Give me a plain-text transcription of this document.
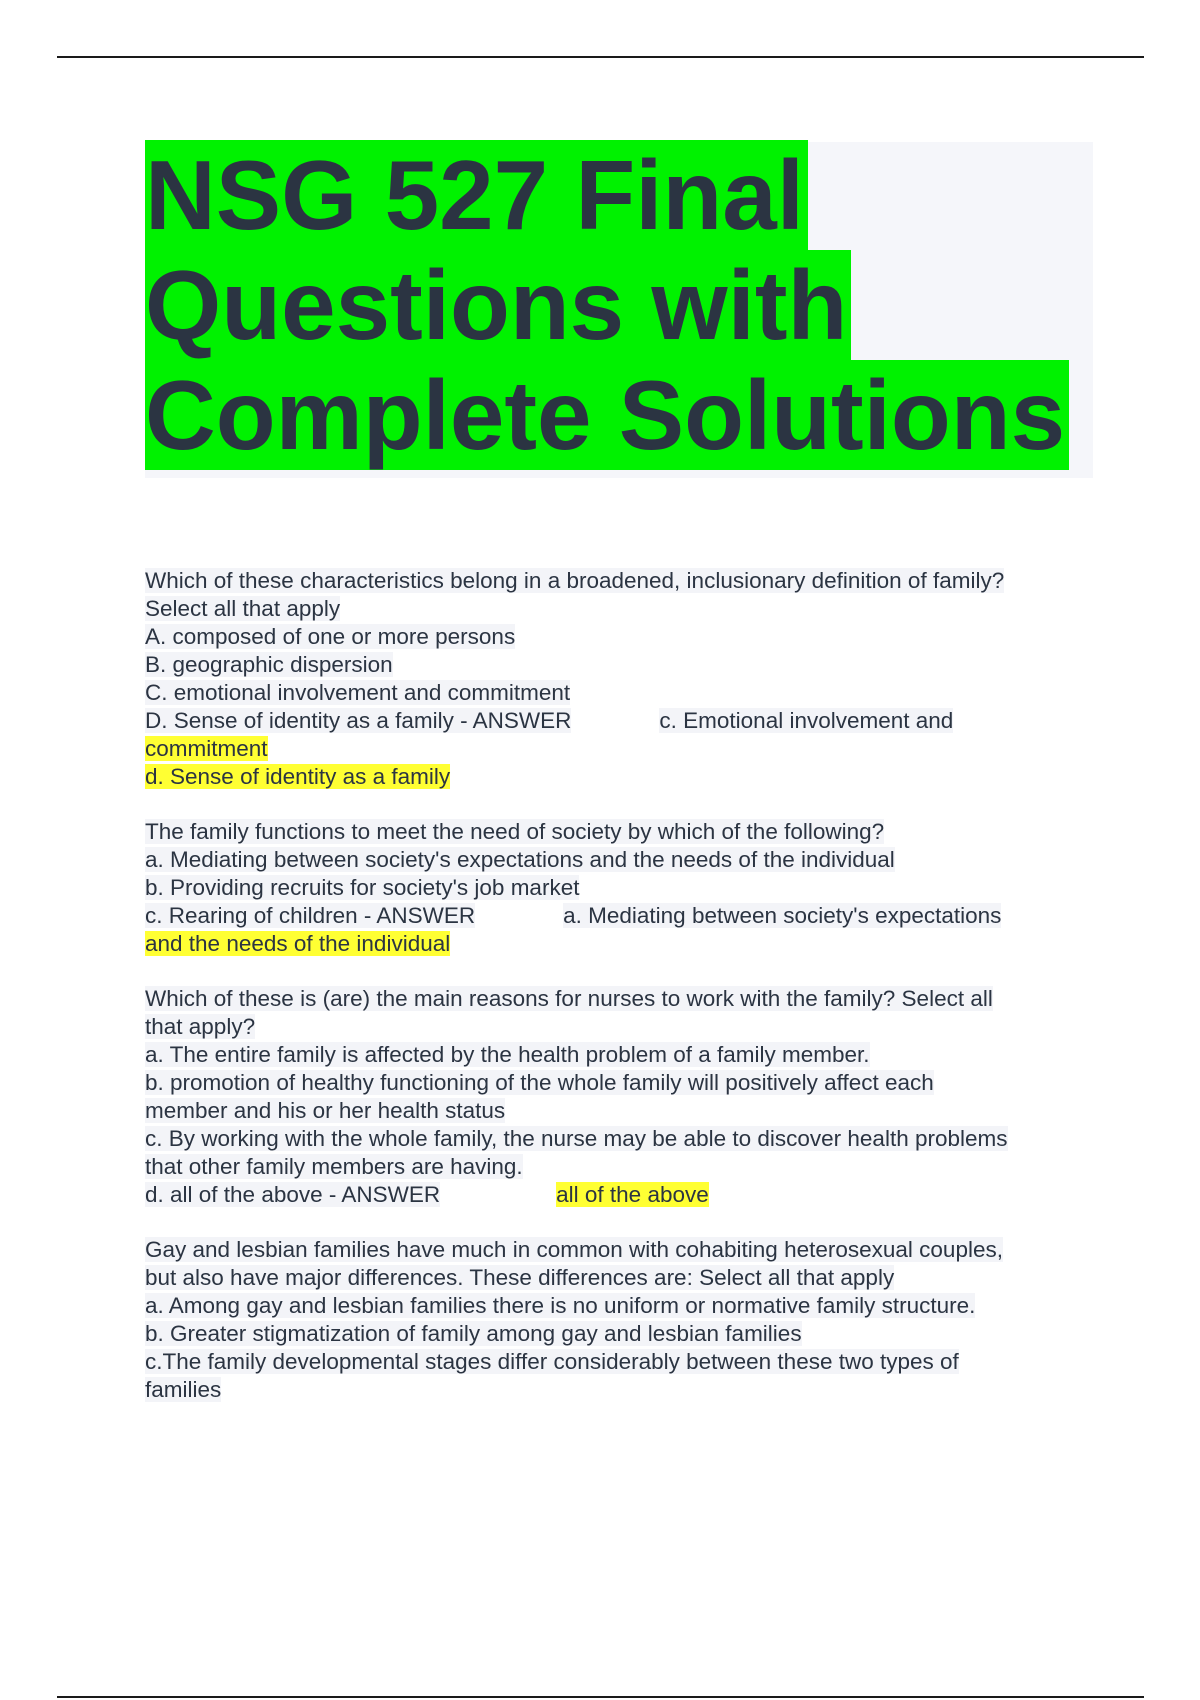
NSG 527 Final
Questions with
Complete Solutions
Which of these characteristics belong in a broadened, inclusionary definition of family?
Select all that apply
A. composed of one or more persons
B. geographic dispersion
C. emotional involvement and commitment
D. Sense of identity as a family - ANSWER	c. Emotional involvement and
commitment
d. Sense of identity as a family
The family functions to meet the need of society by which of the following?
a. Mediating between society's expectations and the needs of the individual
b. Providing recruits for society's job market
c. Rearing of children - ANSWER	a. Mediating between society's expectations
and the needs of the individual
Which of these is (are) the main reasons for nurses to work with the family? Select all
that apply?
a. The entire family is affected by the health problem of a family member.
b. promotion of healthy functioning of the whole family will positively affect each
member and his or her health status
c. By working with the whole family, the nurse may be able to discover health problems
that other family members are having.
d. all of the above - ANSWER	all of the above
Gay and lesbian families have much in common with cohabiting heterosexual couples,
but also have major differences. These differences are: Select all that apply
a. Among gay and lesbian families there is no uniform or normative family structure.
b. Greater stigmatization of family among gay and lesbian families
c.The family developmental stages differ considerably between these two types of
families
